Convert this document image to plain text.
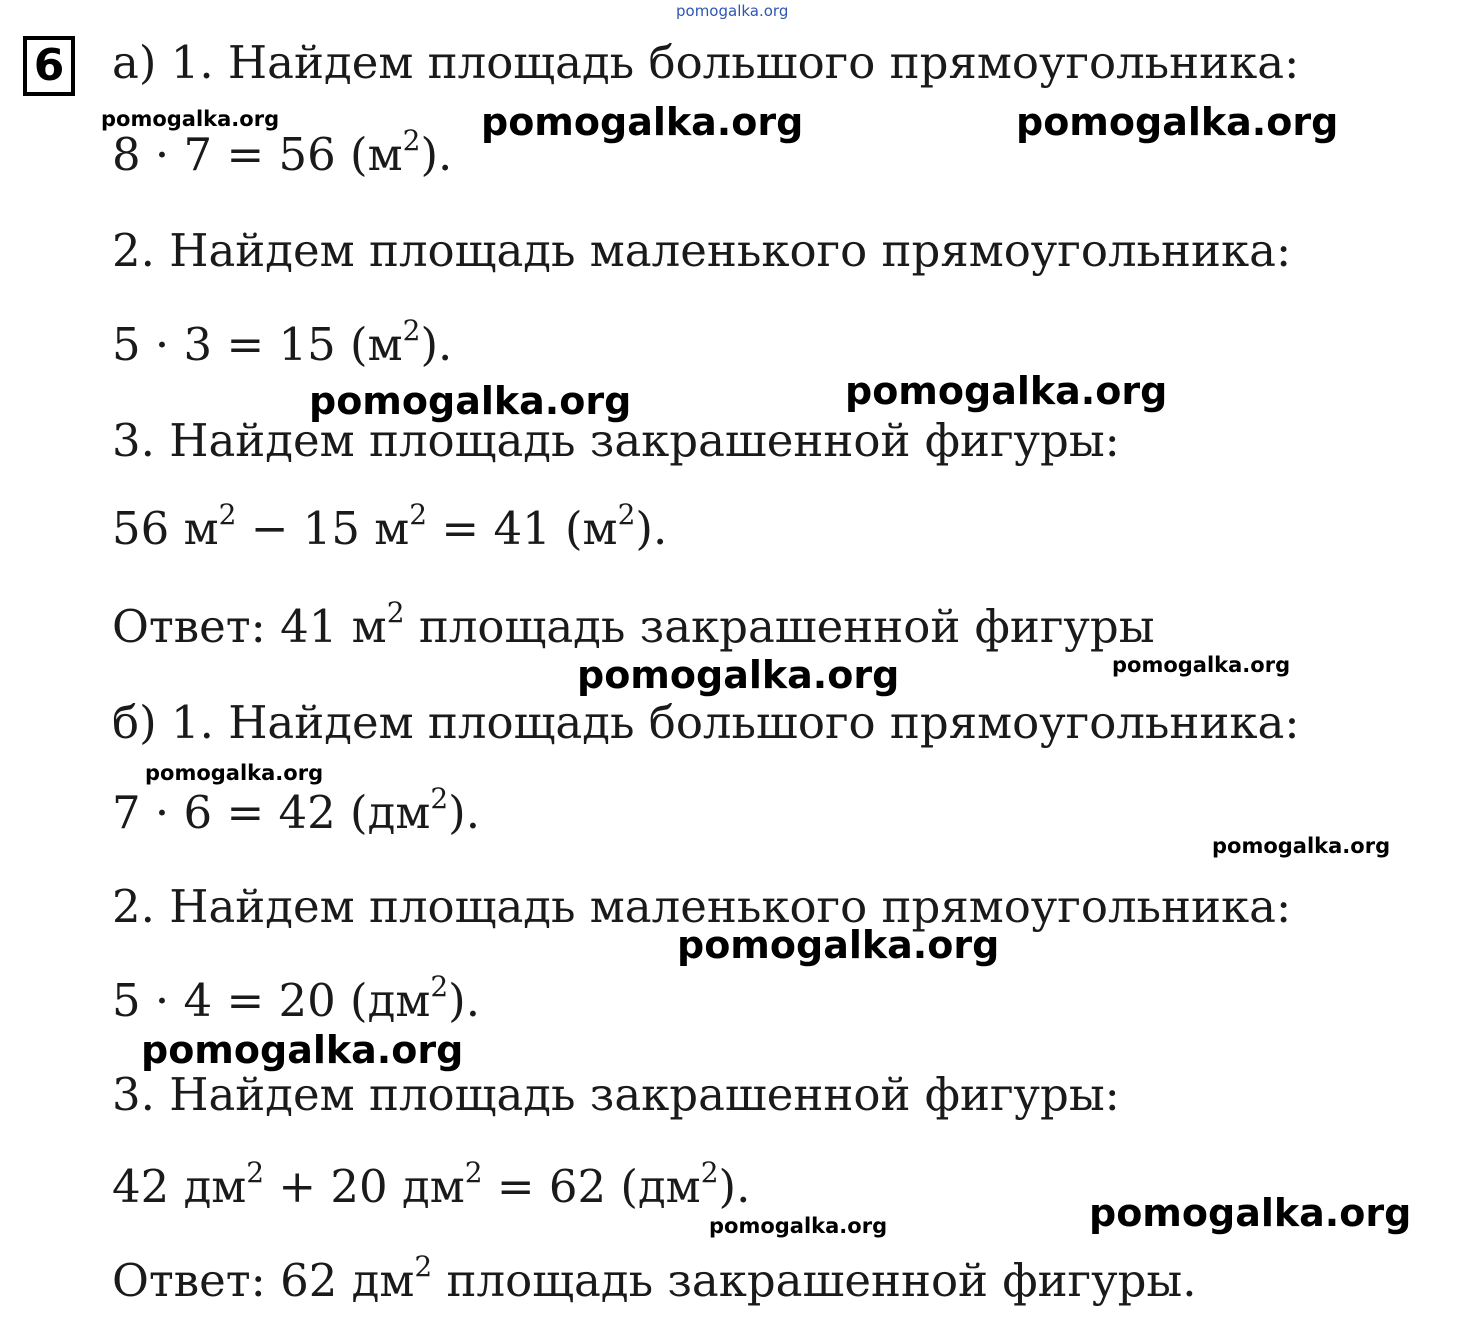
6 а) 1. Найдем площадь большого прямоугольника:
8 · 7 = 56 $(м^2)$.
2. Найдем площадь маленького прямоугольника:
5 · 3 = 15 $(м^2)$.
3. Найдем площадь закрашенной фигуры:
56 $м^2 - 15$ $м^2 = 41$ $(м^2)$.
Ответ: 41 $м^2$ площадь закрашенной фигуры
б) 1. Найдем площадь большого прямоугольника:
7 · 6 = 42 $(дм^2)$.
2. Найдем площадь маленького прямоугольника:
5 · 4 = 20 $(дм^2)$.
3. Найдем площадь закрашенной фигуры:
42 $дм^2 + 20$ $дм^2 = 62$ $(дм^2)$.
Ответ: 62 $дм^2$ площадь закрашенной фигуры.
pomogalka.org
pomogalka.org	pomogalka.org	pomogalka.org
pomogalka.org	pomogalka.org
pomogalka.org	pomogalka.org
pomogalka.org
pomogalka.org
pomogalka.org
pomogalka.org
pomogalka.org
pomogalka.org
